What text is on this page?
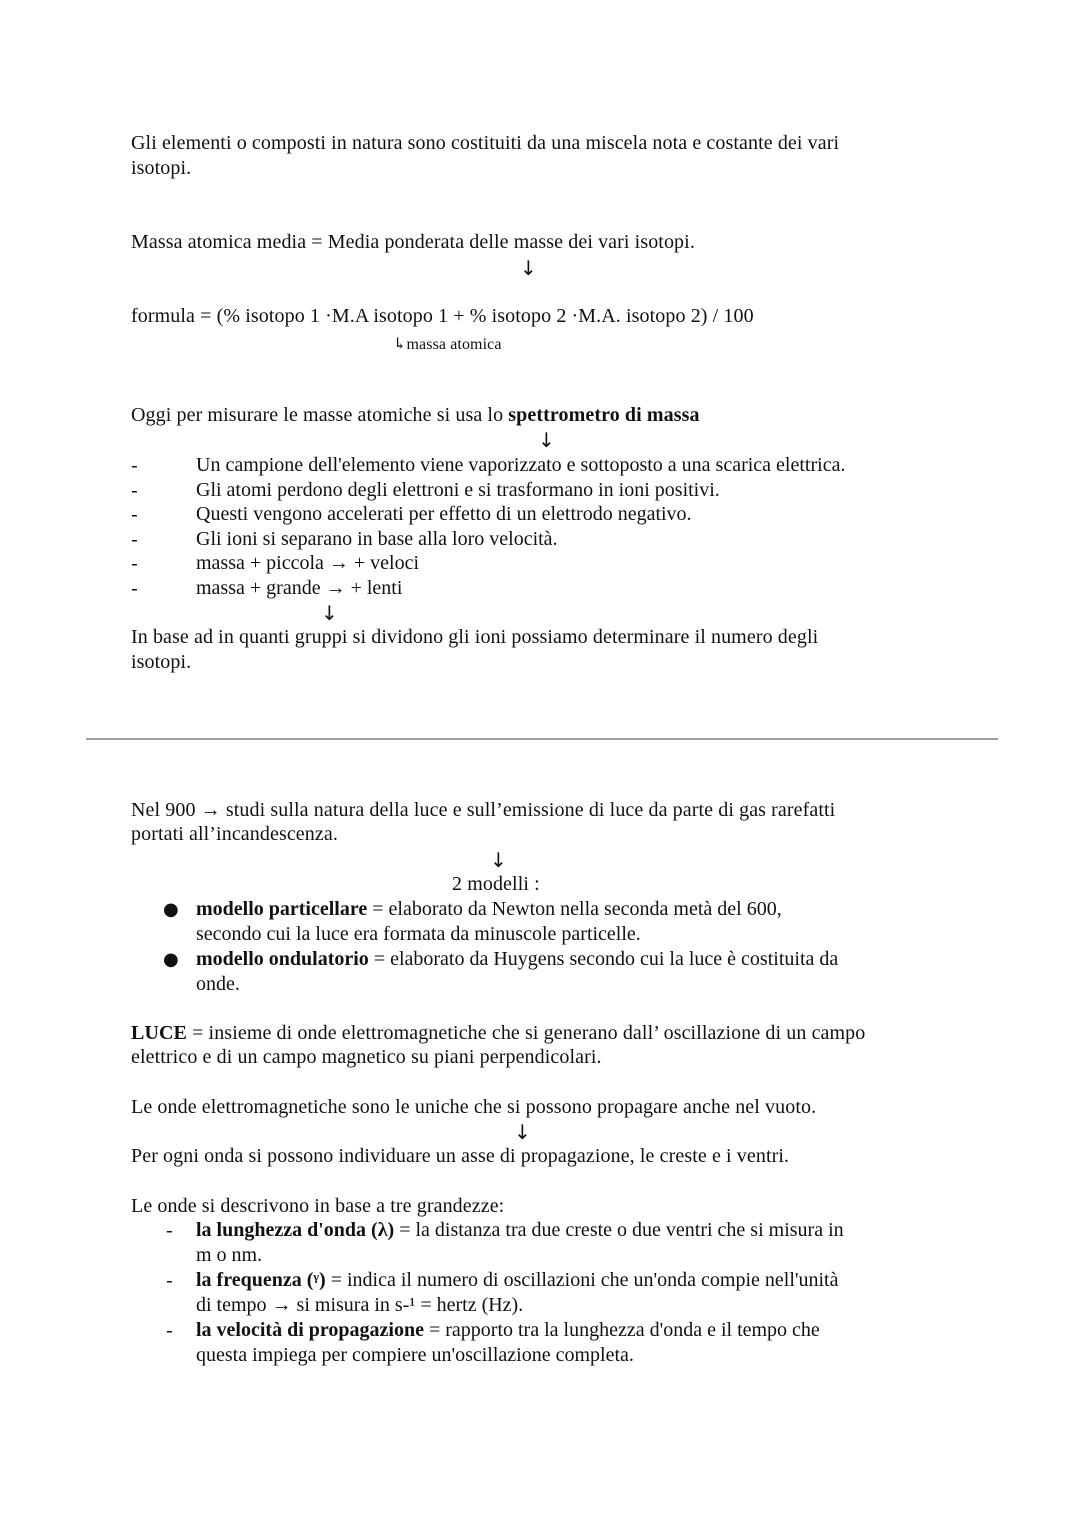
Gli elementi o composti in natura sono costituiti da una miscela nota e costante dei vari
isotopi.
Massa atomica media = Media ponderata delle masse dei vari isotopi.
↓
formula = (% isotopo 1 ·M.A isotopo 1 + % isotopo 2 ·M.A. isotopo 2) / 100
↳massa atomica
Oggi per misurare le masse atomiche si usa lo spettrometro di massa
↓
-	Un campione dell'elemento viene vaporizzato e sottoposto a una scarica elettrica.
-	Gli atomi perdono degli elettroni e si trasformano in ioni positivi.
-	Questi vengono accelerati per effetto di un elettrodo negativo.
-	Gli ioni si separano in base alla loro velocità.
-	massa + piccola → + veloci
-	massa + grande → + lenti
↓
In base ad in quanti gruppi si dividono gli ioni possiamo determinare il numero degli
isotopi.
Nel 900 → studi sulla natura della luce e sull’emissione di luce da parte di gas rarefatti
portati all’incandescenza.
↓
2 modelli :
● modello particellare = elaborato da Newton nella seconda metà del 600,
secondo cui la luce era formata da minuscole particelle.
● modello ondulatorio = elaborato da Huygens secondo cui la luce è costituita da
onde.
LUCE = insieme di onde elettromagnetiche che si generano dall’ oscillazione di un campo
elettrico e di un campo magnetico su piani perpendicolari.
Le onde elettromagnetiche sono le uniche che si possono propagare anche nel vuoto.
↓
Per ogni onda si possono individuare un asse di propagazione, le creste e i ventri.
Le onde si descrivono in base a tre grandezze:
- la lunghezza d'onda (λ) = la distanza tra due creste o due ventri che si misura in
m o nm.
- la frequenza (ᵞ) = indica il numero di oscillazioni che un'onda compie nell'unità
di tempo → si misura in s-¹ = hertz (Hz).
- la velocità di propagazione = rapporto tra la lunghezza d'onda e il tempo che
questa impiega per compiere un'oscillazione completa.
